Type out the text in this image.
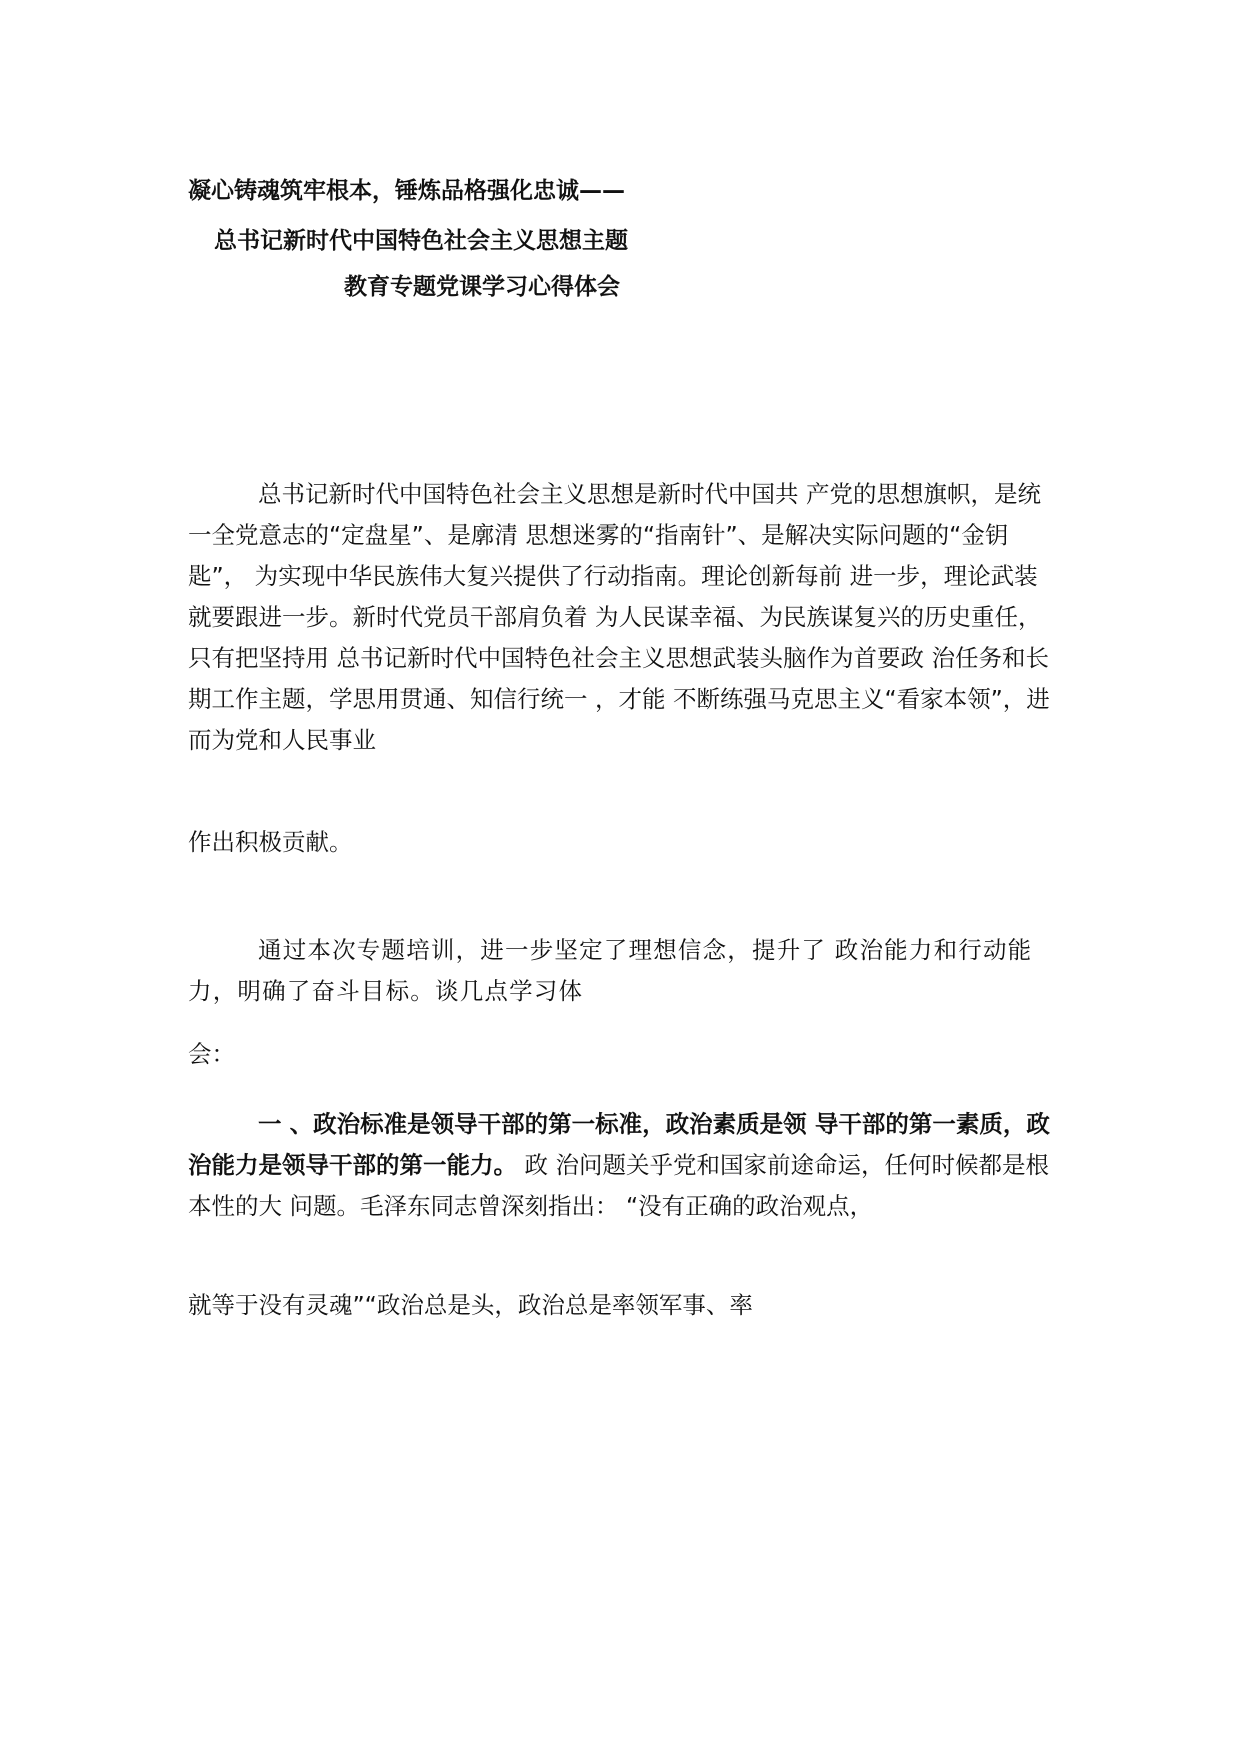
凝心铸魂筑牢根本，锤炼品格强化忠诚——
总书记新时代中国特色社会主义思想主题
教育专题党课学习心得体会

总书记新时代中国特色社会主义思想是新时代中国共 产党的思想旗帜，是统一全党意志的“定盘星”、是廓清 思想迷雾的“指南针”、是解决实际问题的“金钥匙”， 为实现中华民族伟大复兴提供了行动指南。理论创新每前 进一步，理论武装就要跟进一步。新时代党员干部肩负着 为人民谋幸福、为民族谋复兴的历史重任，只有把坚持用 总书记新时代中国特色社会主义思想武装头脑作为首要政 治任务和长期工作主题，学思用贯通、知信行统一 ，才能 不断练强马克思主义“看家本领”，进而为党和人民事业

作出积极贡献。

通过本次专题培训，进一步坚定了理想信念，提升了 政治能力和行动能力，明确了奋斗目标。谈几点学习体

会：

一 、政治标准是领导干部的第一标准，政治素质是领 导干部的第一素质，政治能力是领导干部的第一能力。 政 治问题关乎党和国家前途命运，任何时候都是根本性的大 问题。毛泽东同志曾深刻指出： “没有正确的政治观点，

就等于没有灵魂”“政治总是头，政治总是率领军事、率
